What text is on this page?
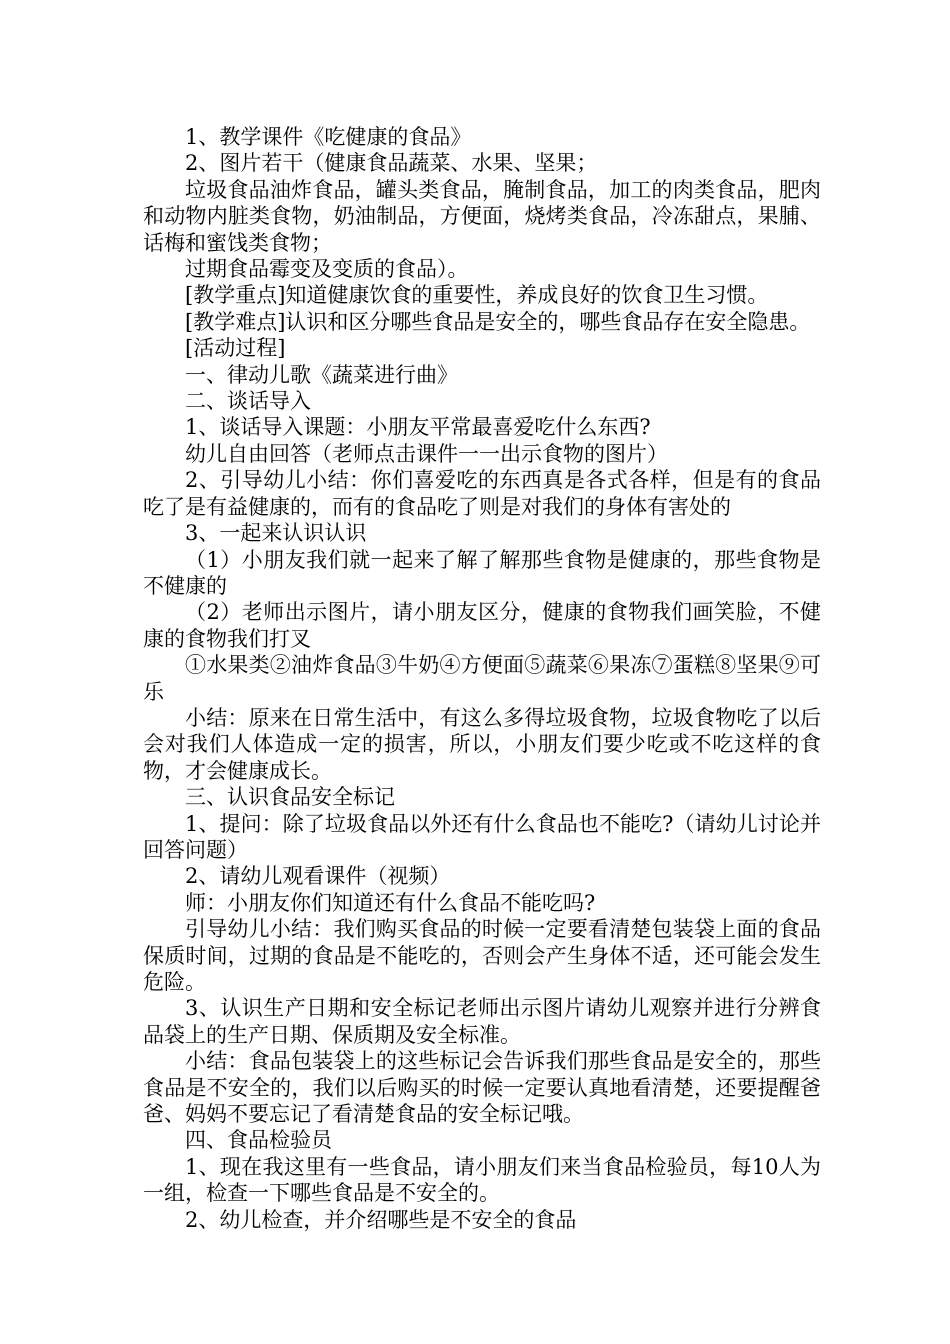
1、教学课件《吃健康的食品》

2、图片若干（健康食品蔬菜、水果、坚果；

垃圾食品油炸食品，罐头类食品，腌制食品，加工的肉类食品，肥肉和动物内脏类食物，奶油制品，方便面，烧烤类食品，冷冻甜点，果脯、话梅和蜜饯类食物；

过期食品霉变及变质的食品）。

[教学重点]知道健康饮食的重要性，养成良好的饮食卫生习惯。

[教学难点]认识和区分哪些食品是安全的，哪些食品存在安全隐患。

[活动过程]

一、律动儿歌《蔬菜进行曲》

二、谈话导入

1、谈话导入课题：小朋友平常最喜爱吃什么东西?

幼儿自由回答（老师点击课件一一出示食物的图片）

2、引导幼儿小结：你们喜爱吃的东西真是各式各样，但是有的食品吃了是有益健康的，而有的食品吃了则是对我们的身体有害处的

3、一起来认识认识

（1）小朋友我们就一起来了解了解那些食物是健康的，那些食物是不健康的

（2）老师出示图片，请小朋友区分，健康的食物我们画笑脸，不健康的食物我们打叉

①水果类②油炸食品③牛奶④方便面⑤蔬菜⑥果冻⑦蛋糕⑧坚果⑨可乐

小结：原来在日常生活中，有这么多得垃圾食物，垃圾食物吃了以后会对我们人体造成一定的损害，所以，小朋友们要少吃或不吃这样的食物，才会健康成长。

三、认识食品安全标记

1、提问：除了垃圾食品以外还有什么食品也不能吃?（请幼儿讨论并回答问题）

2、请幼儿观看课件（视频）

师：小朋友你们知道还有什么食品不能吃吗?

引导幼儿小结：我们购买食品的时候一定要看清楚包装袋上面的食品保质时间，过期的食品是不能吃的，否则会产生身体不适，还可能会发生危险。

3、认识生产日期和安全标记老师出示图片请幼儿观察并进行分辨食品袋上的生产日期、保质期及安全标准。

小结：食品包装袋上的这些标记会告诉我们那些食品是安全的，那些食品是不安全的，我们以后购买的时候一定要认真地看清楚，还要提醒爸爸、妈妈不要忘记了看清楚食品的安全标记哦。

四、食品检验员

1、现在我这里有一些食品，请小朋友们来当食品检验员，每10人为一组，检查一下哪些食品是不安全的。

2、幼儿检查，并介绍哪些是不安全的食品
